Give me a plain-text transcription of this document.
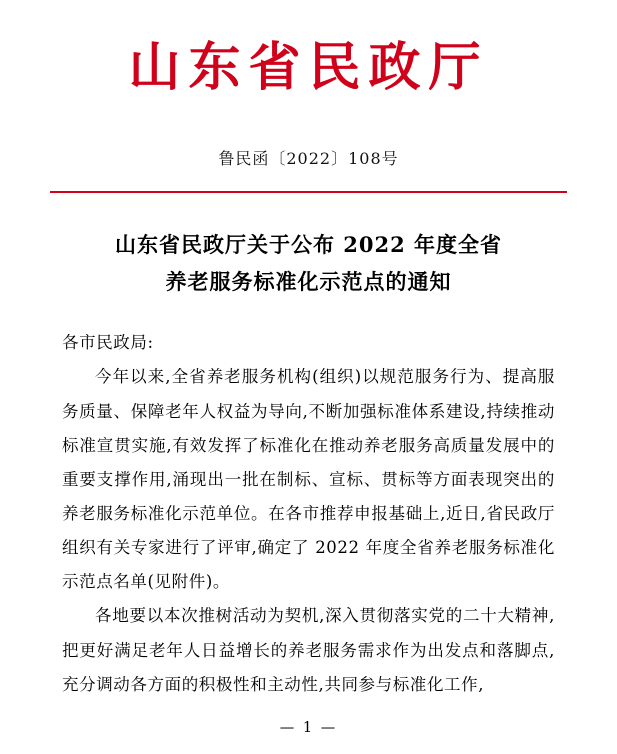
山东省民政厅
鲁民函〔2022〕108号
山东省民政厅关于公布 2022 年度全省
养老服务标准化示范点的通知

各市民政局:

今年以来,全省养老服务机构(组织)以规范服务行为、提高服务质量、保障老年人权益为导向,不断加强标准体系建设,持续推动标准宣贯实施,有效发挥了标准化在推动养老服务高质量发展中的重要支撑作用,涌现出一批在制标、宣标、贯标等方面表现突出的养老服务标准化示范单位。在各市推荐申报基础上,近日,省民政厅组织有关专家进行了评审,确定了 2022 年度全省养老服务标准化示范点名单(见附件)。

各地要以本次推树活动为契机,深入贯彻落实党的二十大精神,把更好满足老年人日益增长的养老服务需求作为出发点和落脚点,充分调动各方面的积极性和主动性,共同参与标准化工作,

— 1 —
